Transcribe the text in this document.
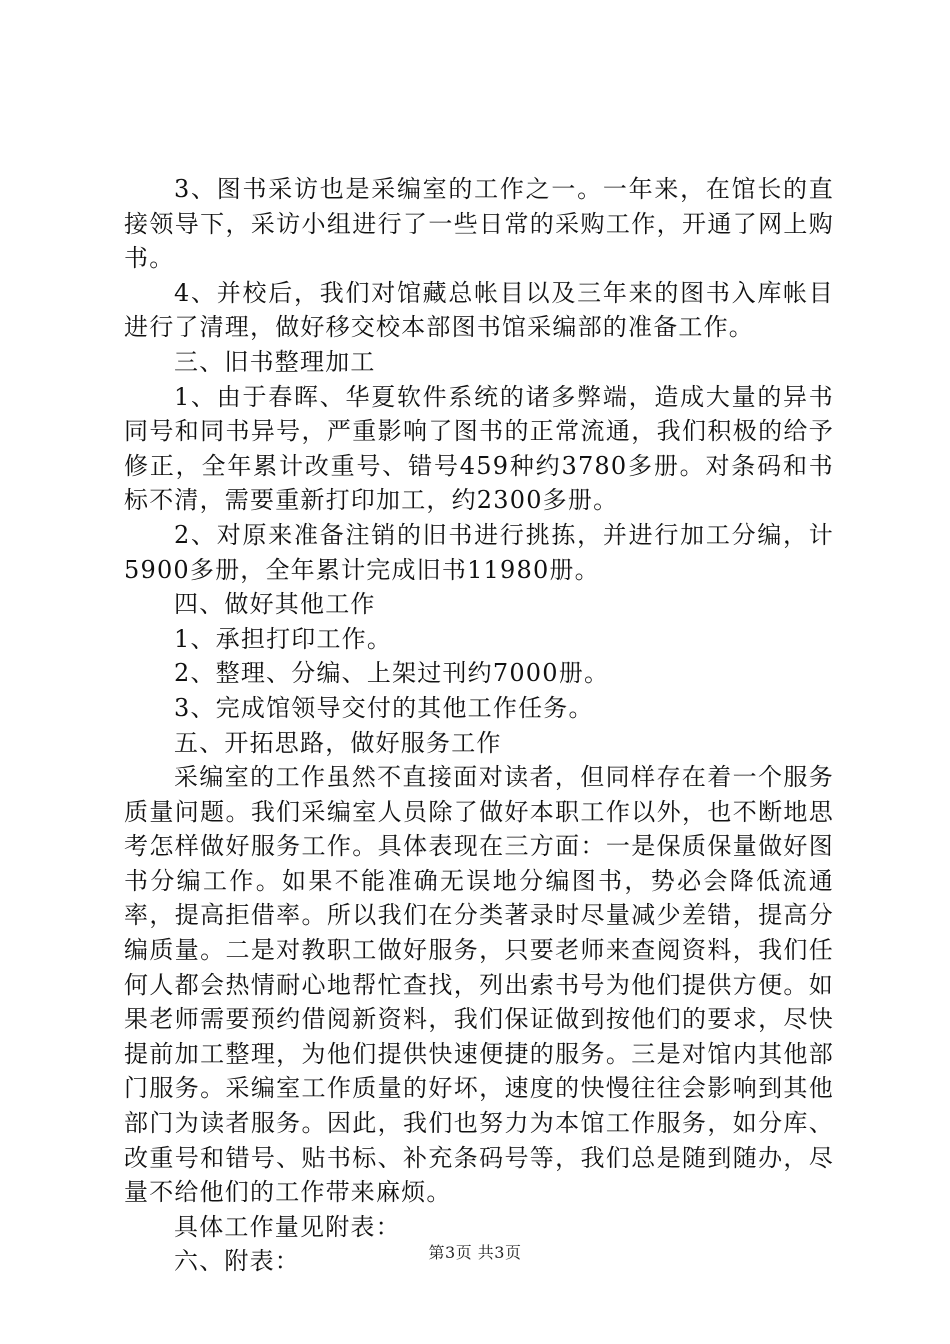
3、图书采访也是采编室的工作之一。一年来，在馆长的直接领导下，采访小组进行了一些日常的采购工作，开通了网上购书。

4、并校后，我们对馆藏总帐目以及三年来的图书入库帐目进行了清理，做好移交校本部图书馆采编部的准备工作。

三、旧书整理加工

1、由于春晖、华夏软件系统的诸多弊端，造成大量的异书同号和同书异号，严重影响了图书的正常流通，我们积极的给予修正，全年累计改重号、错号459种约3780多册。对条码和书标不清，需要重新打印加工，约2300多册。

2、对原来准备注销的旧书进行挑拣，并进行加工分编，计5900多册，全年累计完成旧书11980册。

四、做好其他工作

1、承担打印工作。

2、整理、分编、上架过刊约7000册。

3、完成馆领导交付的其他工作任务。

五、开拓思路，做好服务工作

采编室的工作虽然不直接面对读者，但同样存在着一个服务质量问题。我们采编室人员除了做好本职工作以外，也不断地思考怎样做好服务工作。具体表现在三方面：一是保质保量做好图书分编工作。如果不能准确无误地分编图书，势必会降低流通率，提高拒借率。所以我们在分类著录时尽量减少差错，提高分编质量。二是对教职工做好服务，只要老师来查阅资料，我们任何人都会热情耐心地帮忙查找，列出索书号为他们提供方便。如果老师需要预约借阅新资料，我们保证做到按他们的要求，尽快提前加工整理，为他们提供快速便捷的服务。三是对馆内其他部门服务。采编室工作质量的好坏，速度的快慢往往会影响到其他部门为读者服务。因此，我们也努力为本馆工作服务，如分库、改重号和错号、贴书标、补充条码号等，我们总是随到随办，尽量不给他们的工作带来麻烦。

具体工作量见附表：

六、附表：	第3页 共3页
